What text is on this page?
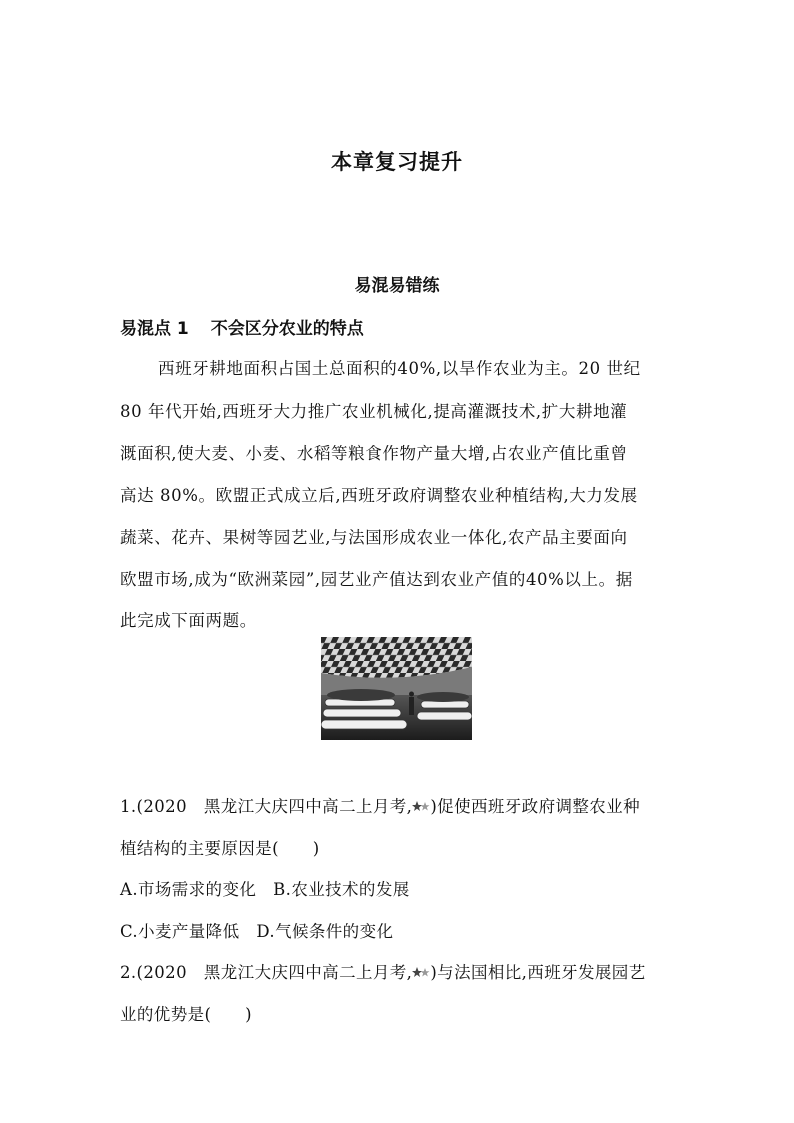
本章复习提升
易混易错练
易混点 1 不会区分农业的特点
西班牙耕地面积占国土总面积的40%,以旱作农业为主。20 世纪
80 年代开始,西班牙大力推广农业机械化,提高灌溉技术,扩大耕地灌
溉面积,使大麦、小麦、水稻等粮食作物产量大增,占农业产值比重曾
高达 80%。欧盟正式成立后,西班牙政府调整农业种植结构,大力发展
蔬菜、花卉、果树等园艺业,与法国形成农业一体化,农产品主要面向
欧盟市场,成为“欧洲菜园”,园艺业产值达到农业产值的40%以上。据
此完成下面两题。
1.(2020　黑龙江大庆四中高二上月考, )促使西班牙政府调整农业种
植结构的主要原因是(　　)
A.市场需求的变化　B.农业技术的发展
C.小麦产量降低　D.气候条件的变化
2.(2020　黑龙江大庆四中高二上月考, )与法国相比,西班牙发展园艺
业的优势是(　　)
